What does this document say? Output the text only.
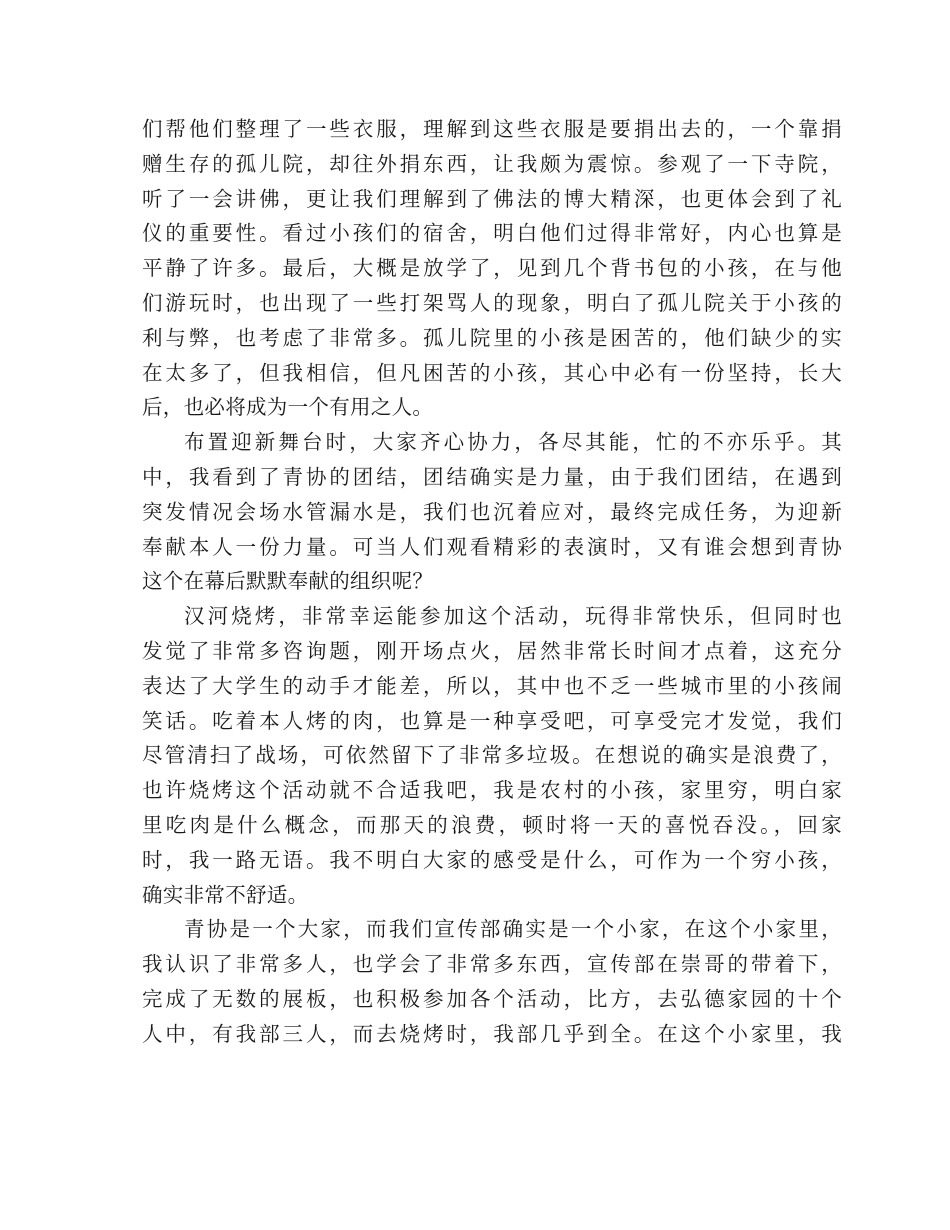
们帮他们整理了一些衣服，理解到这些衣服是要捐出去的，一个靠捐
赠生存的孤儿院，却往外捐东西，让我颇为震惊。参观了一下寺院，
听了一会讲佛，更让我们理解到了佛法的博大精深，也更体会到了礼
仪的重要性。看过小孩们的宿舍，明白他们过得非常好，内心也算是
平静了许多。最后，大概是放学了，见到几个背书包的小孩，在与他
们游玩时，也出现了一些打架骂人的现象，明白了孤儿院关于小孩的
利与弊，也考虑了非常多。孤儿院里的小孩是困苦的，他们缺少的实
在太多了，但我相信，但凡困苦的小孩，其心中必有一份坚持，长大
后，也必将成为一个有用之人。
布置迎新舞台时，大家齐心协力，各尽其能，忙的不亦乐乎。其
中，我看到了青协的团结，团结确实是力量，由于我们团结，在遇到
突发情况会场水管漏水是，我们也沉着应对，最终完成任务，为迎新
奉献本人一份力量。可当人们观看精彩的表演时，又有谁会想到青协
这个在幕后默默奉献的组织呢？
汉河烧烤，非常幸运能参加这个活动，玩得非常快乐，但同时也
发觉了非常多咨询题，刚开场点火，居然非常长时间才点着，这充分
表达了大学生的动手才能差，所以，其中也不乏一些城市里的小孩闹
笑话。吃着本人烤的肉，也算是一种享受吧，可享受完才发觉，我们
尽管清扫了战场，可依然留下了非常多垃圾。在想说的确实是浪费了，
也许烧烤这个活动就不合适我吧，我是农村的小孩，家里穷，明白家
里吃肉是什么概念，而那天的浪费，顿时将一天的喜悦吞没。，回家
时，我一路无语。我不明白大家的感受是什么，可作为一个穷小孩，
确实非常不舒适。
青协是一个大家，而我们宣传部确实是一个小家，在这个小家里，
我认识了非常多人，也学会了非常多东西，宣传部在崇哥的带着下，
完成了无数的展板，也积极参加各个活动，比方，去弘德家园的十个
人中，有我部三人，而去烧烤时，我部几乎到全。在这个小家里，我
